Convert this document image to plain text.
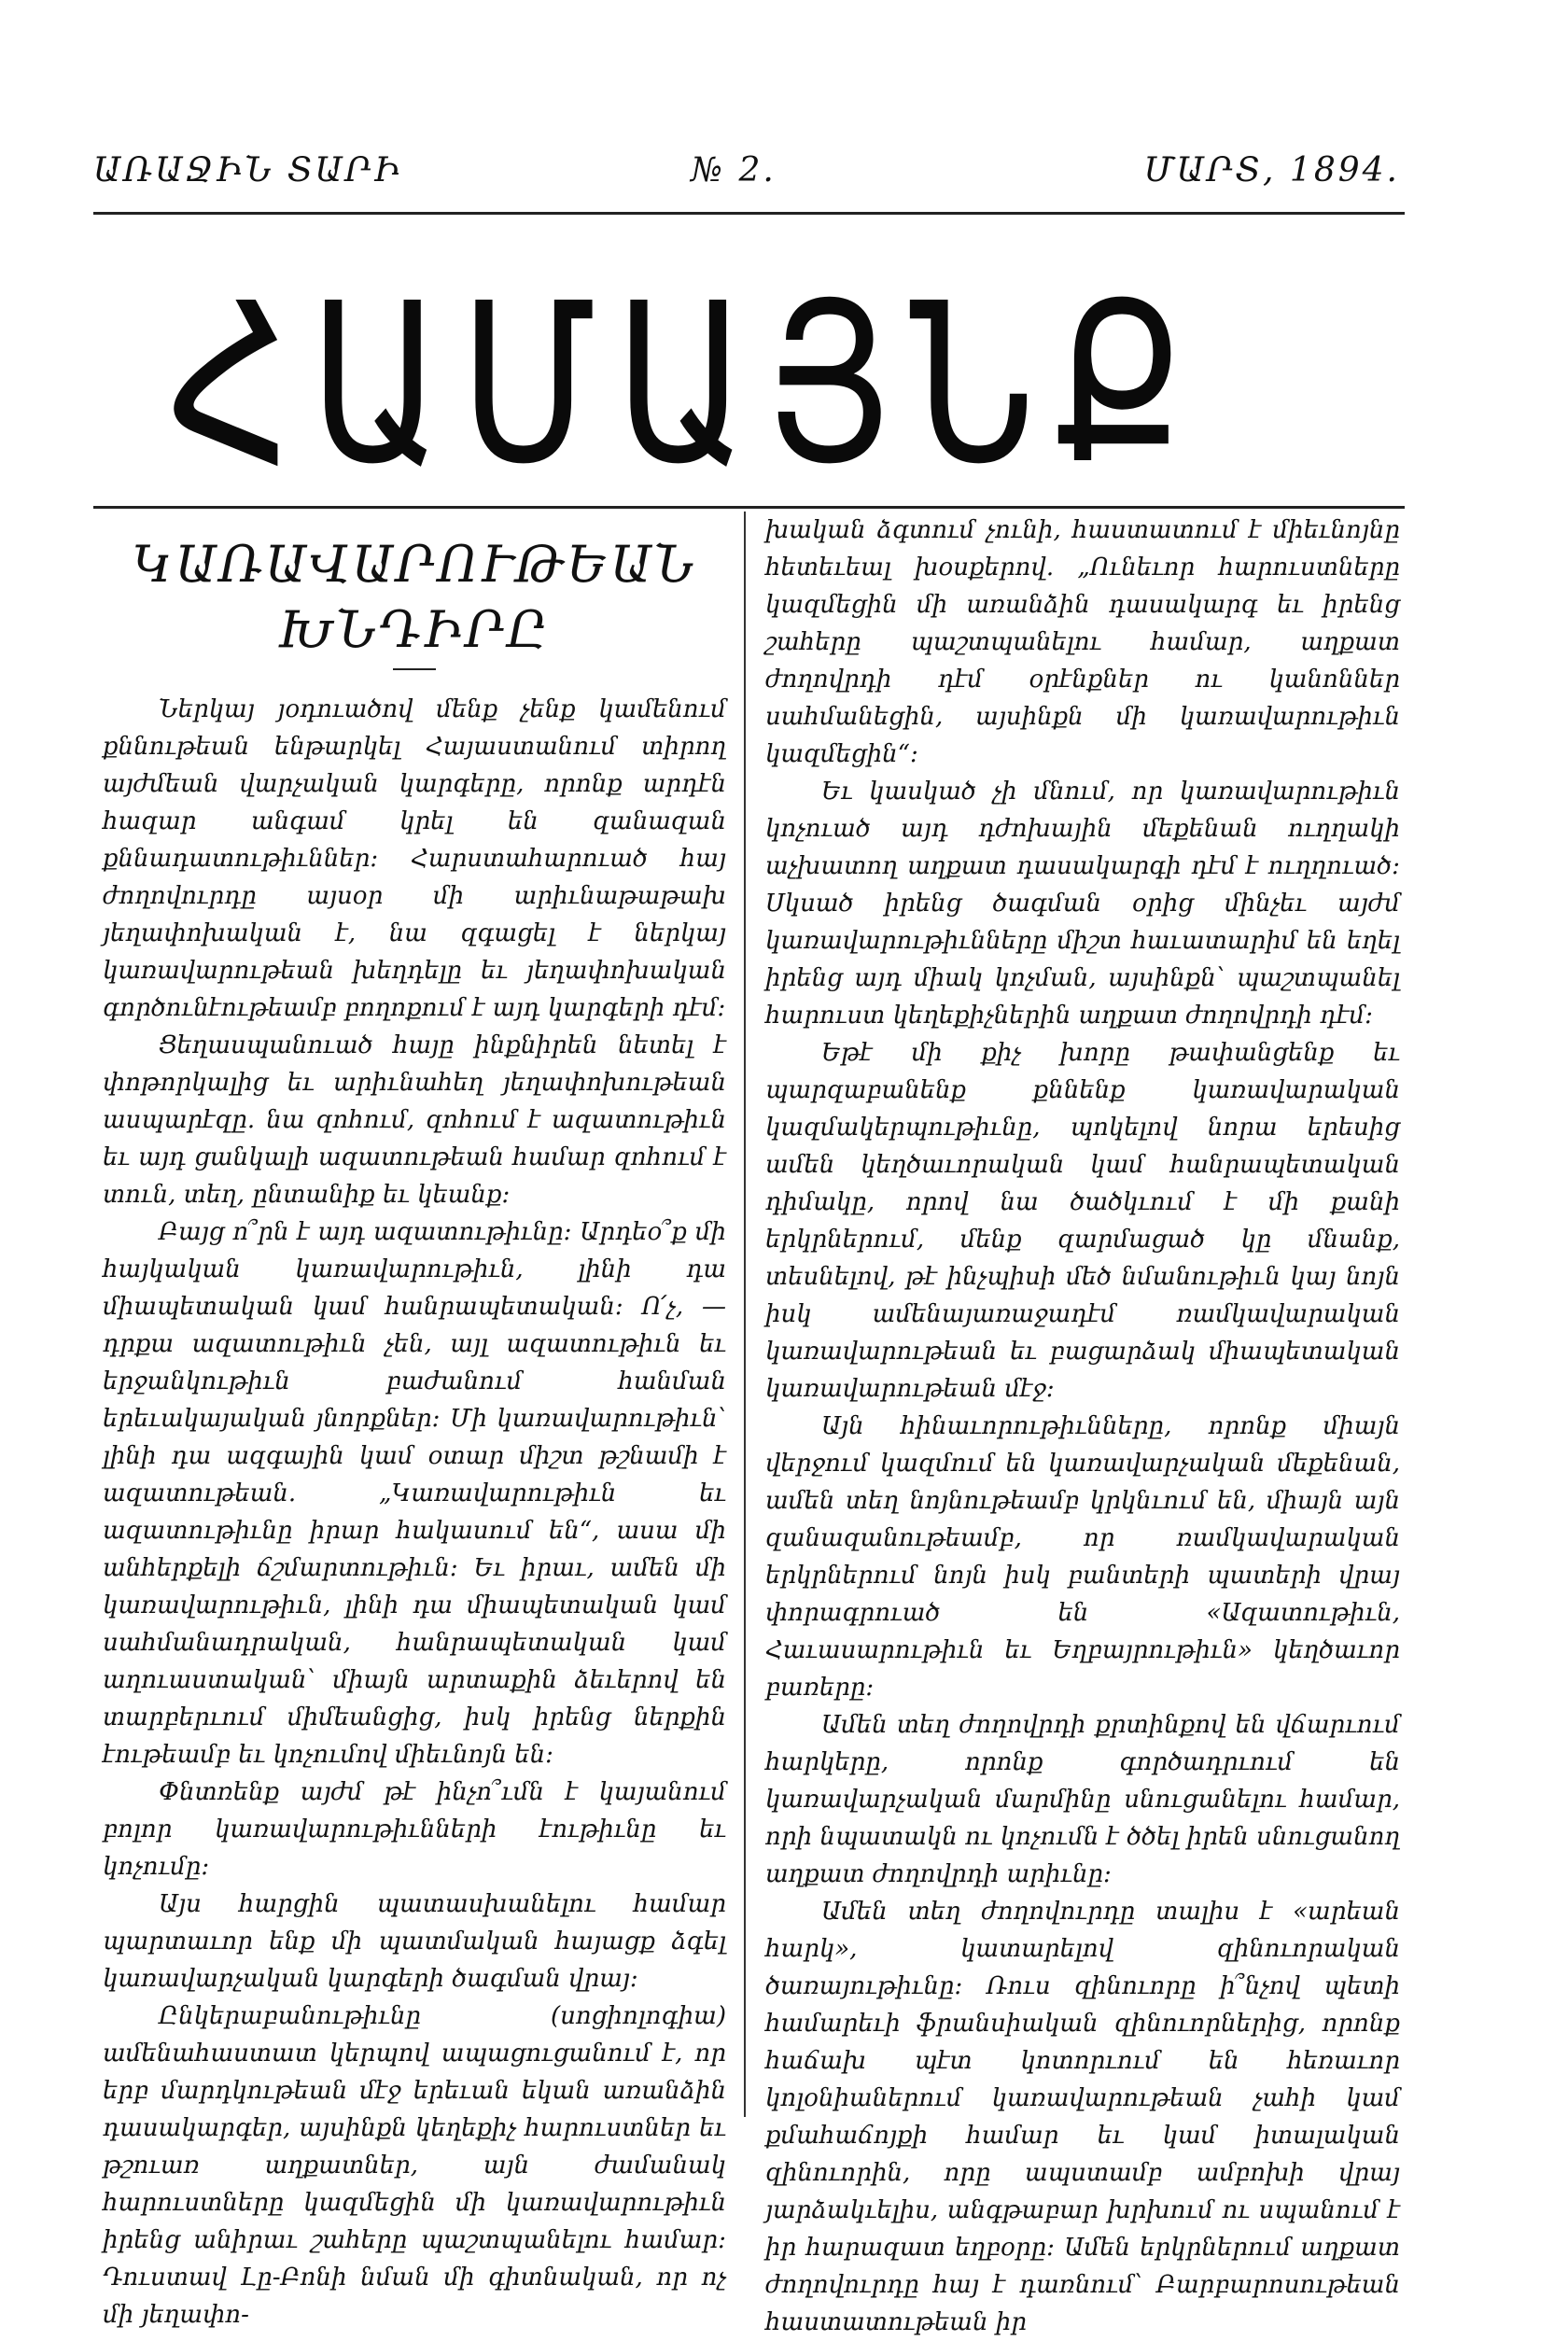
ԱՌԱՋԻՆ ՏԱՐԻ	№ 2.	ՄԱՐՏ, 1894.
ՀԱՄԱՅՆՔ
ԿԱՌԱՎԱՐՈՒԹԵԱՆ ԽՆԴԻՐԸ

Ներկայ յօդուածով մենք չենք կամենում քննութեան ենթարկել Հայաստանում տիրող այժմեան վարչական կարգերը, որոնք արդէն հազար անգամ կրել են զանազան քննադատութիւններ։ Հարստահարուած հայ ժողովուրդը այսօր մի արիւնաթաթախ յեղափոխական է, նա զգացել է ներկայ կառավարութեան խեղդելը եւ յեղափոխական գործունէութեամբ բողոքում է այդ կարգերի դէմ։

Ցեղասպանուած հայը ինքնիրեն նետել է փոթորկալից եւ արիւնահեղ յեղափոխութեան ասպարէզը. նա զոհում, զոհում է ազատութիւն եւ այդ ցանկալի ազատութեան համար զոհում է տուն, տեղ, ընտանիք եւ կեանք։

Բայց ո՞րն է այդ ազատութիւնը։ Արդեօ՞ք մի հայկական կառավարութիւն, լինի դա միապետական կամ հանրապետական։ Ո՛չ, — դրքա ազատութիւն չեն, այլ ազատութիւն եւ երջանկութիւն բաժանում հանման երեւակայական յնորքներ։ Մի կառավարութիւն՝ լինի դա ազգային կամ օտար միշտ թշնամի է ազատութեան. „Կառավարութիւն եւ ազատութիւնը իրար հակասում են“, ասա մի անհերքելի ճշմարտութիւն։ Եւ իրաւ, ամեն մի կառավարութիւն, լինի դա միապետական կամ սահմանադրական, հանրապետական կամ աղուաստական՝ միայն արտաքին ձեւերով են տարբերւում միմեանցից, իսկ իրենց ներքին էութեամբ եւ կոչումով միեւնոյն են։

Փնտռենք այժմ թէ ինչո՞ւմն է կայանում բոլոր կառավարութիւնների էութիւնը եւ կոչումը։

Այս հարցին պատասխանելու համար պարտաւոր ենք մի պատմական հայացք ձգել կառավարչական կարգերի ծագման վրայ։

Ընկերաբանութիւնը (սոցիոլոգիա) ամենահաստատ կերպով ապացուցանում է, որ երբ մարդկութեան մէջ երեւան եկան առանձին դասակարգեր, այսինքն կեղեքիչ հարուստներ եւ թշուառ աղքատներ, այն ժամանակ հարուստները կազմեցին մի կառավարութիւն իրենց անիրաւ շահերը պաշտպանելու համար։ Դուստավ Լը-Բոնի նման մի գիտնական, որ ոչ մի յեղափո-

խական ձգտում չունի, հաստատում է միեւնոյնը հետեւեալ խօսքերով. „Ունեւոր հարուստները կազմեցին մի առանձին դասակարգ եւ իրենց շահերը պաշտպանելու համար, աղքատ ժողովրդի դէմ օրէնքներ ու կանոններ սահմանեցին, այսինքն մի կառավարութիւն կազմեցին“։

Եւ կասկած չի մնում, որ կառավարութիւն կոչուած այդ դժոխային մեքենան ուղղակի աչխատող աղքատ դասակարգի դէմ է ուղղուած։ Սկսած իրենց ծագման օրից մինչեւ այժմ կառավարութիւնները միշտ հաւատարիմ են եղել իրենց այդ միակ կոչման, այսինքն՝ պաշտպանել հարուստ կեղեքիչներին աղքատ ժողովրդի դէմ։

Եթէ մի քիչ խորը թափանցենք եւ պարզաբանենք քննենք կառավարական կազմակերպութիւնը, պոկելով նորա երեսից ամեն կեղծաւորական կամ հանրապետական դիմակը, որով նա ծածկւում է մի քանի երկրներում, մենք զարմացած կը մնանք, տեսնելով, թէ ինչպիսի մեծ նմանութիւն կայ նոյն իսկ ամենայառաջադէմ ռամկավարական կառավարութեան եւ բացարձակ միապետական կառավարութեան մէջ։

Այն հինաւորութիւնները, որոնք միայն վերջում կազմում են կառավարչական մեքենան, ամեն տեղ նոյնութեամբ կրկնւում են, միայն այն զանազանութեամբ, որ ռամկավարական երկրներում նոյն իսկ բանտերի պատերի վրայ փորագրուած են «Ազատութիւն, Հաւասարութիւն եւ Եղբայրութիւն» կեղծաւոր բառերը։

Ամեն տեղ ժողովրդի քրտինքով են վճարւում հարկերը, որոնք գործադրւում են կառավարչական մարմինը սնուցանելու համար, որի նպատակն ու կոչումն է ծծել իրեն սնուցանող աղքատ ժողովրդի արիւնը։

Ամեն տեղ ժողովուրդը տալիս է «արեան հարկ», կատարելով զինուորական ծառայութիւնը։ Ռուս զինուորը ի՞նչով պետի համարեւի ֆրանսիական զինուորներից, որոնք հաճախ պէտ կոտորւում են հեռաւոր կոլօնիաներում կառավարութեան չահի կամ քմահաճոյքի համար եւ կամ իտալական զինուորին, որը ապստամբ ամբոխի վրայ յարձակւելիս, անգթաբար խրխում ու սպանում է իր հարազատ եղբօրը։ Ամեն երկրներում աղքատ ժողովուրդը հայ է դառնում՝ Բարբարոսութեան հաստատութեան իր
